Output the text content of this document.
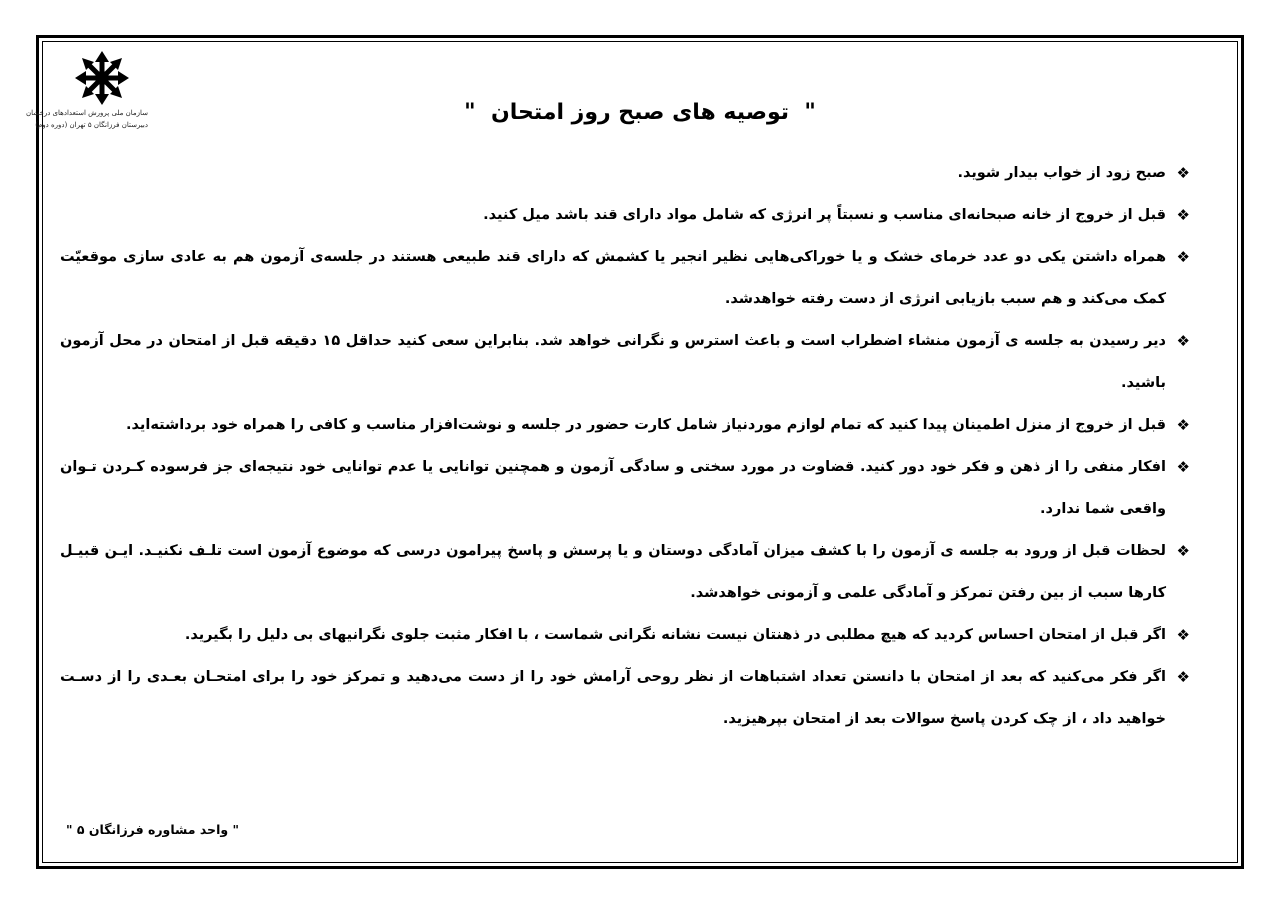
سازمان ملی پرورش استعدادهای درخشان
دبیرستان فرزانگان ۵ تهران (دوره دوم)	"  توصیه های صبح روز امتحان  "
❖
صبح زود از خواب بیدار شوید.
❖
قبل از خروج از خانه صبحانه‌ای مناسب و نسبتاً پر انرژی که شامل مواد دارای قند باشد میل کنید.
❖
همراه داشتن یکی دو عدد خرمای خشک و یا خوراکی‌هایی نظیر انجیر یا کشمش که دارای قند طبیعی هستند در جلسه‌ی آزمون هم به عادی سازی موقعیّت کمک می‌کند و هم سبب بازیابی انرژی از دست رفته خواهدشد.
❖
دیر رسیدن به جلسه ی آزمون منشاء اضطراب است و باعث استرس و نگرانی خواهد شد. بنابراین سعی کنید حداقل ۱۵ دقیقه قبل از امتحان در محل آزمون باشید.
❖
قبل از خروج از منزل اطمینان پیدا کنید که تمام لوازم موردنیاز شامل کارت حضور در جلسه و نوشت‌افزار مناسب و کافی را همراه خود برداشته‌اید.
❖
افکار منفی را از ذهن و فکر خود دور کنید. قضاوت در مورد سختی و سادگی آزمون و همچنین توانایی یا عدم توانایی خود نتیجه‌ای جز فرسوده کـردن تـوان واقعی شما ندارد.
❖
لحظات قبل از ورود به جلسه ی آزمون را با کشف میزان آمادگی دوستان و یا پرسش و پاسخ پیرامون درسی که موضوع آزمون است تلـف نکنیـد. ایـن قبیـل کارها سبب از بین رفتن تمرکز و آمادگی علمی و آزمونی خواهدشد.
❖
اگر قبل از امتحان احساس کردید که هیچ مطلبی در ذهنتان نیست نشانه نگرانی شماست ، با افکار مثبت جلوی نگرانیهای بی دلیل را بگیرید.
❖
اگر فکر می‌کنید که بعد از امتحان با دانستن تعداد اشتباهات از نظر روحی آرامش خود را از دست می‌دهید و تمرکز خود را برای امتحـان بعـدی را از دسـت خواهید داد ، از چک کردن پاسخ سوالات بعد از امتحان بپرهیزید.
" واحد مشاوره فرزانگان ۵ "
